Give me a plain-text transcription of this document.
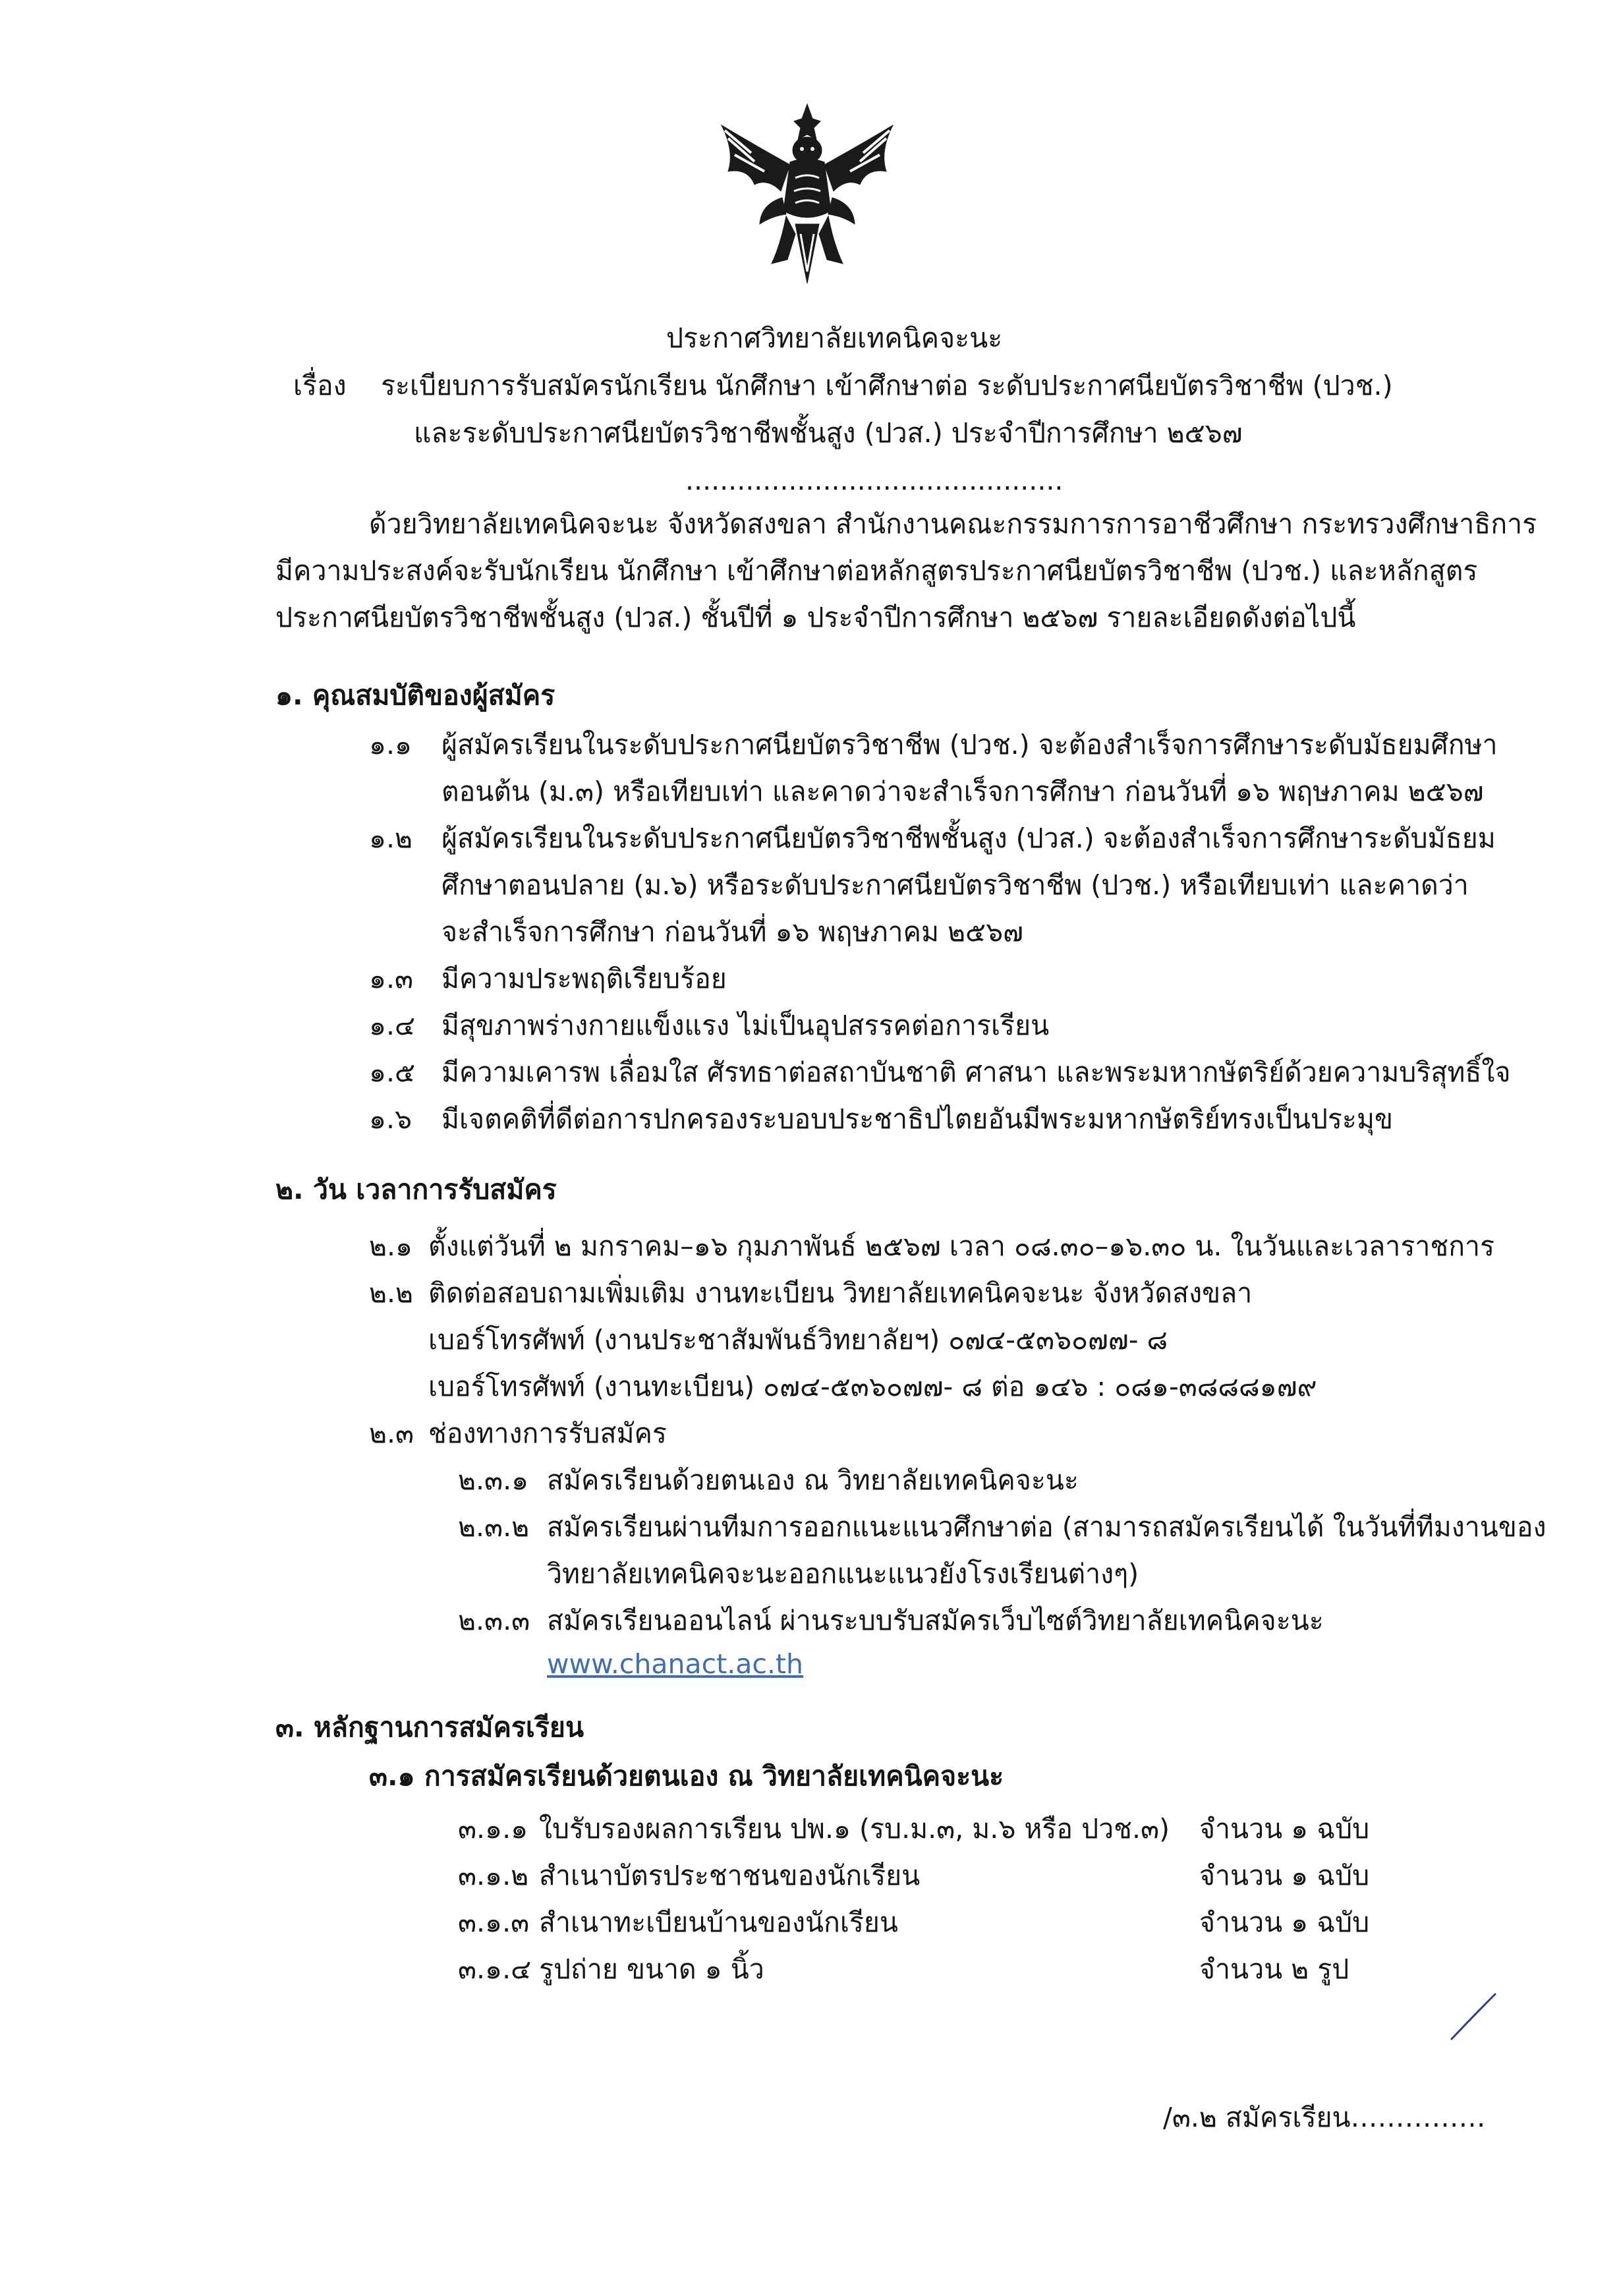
ประกาศวิทยาลัยเทคนิคจะนะ
เรื่อง ระเบียบการรับสมัครนักเรียน นักศึกษา เข้าศึกษาต่อ ระดับประกาศนียบัตรวิชาชีพ (ปวช.)
และระดับประกาศนียบัตรวิชาชีพชั้นสูง (ปวส.) ประจำปีการศึกษา ๒๕๖๗
............................................
ด้วยวิทยาลัยเทคนิคจะนะ จังหวัดสงขลา สำนักงานคณะกรรมการการอาชีวศึกษา กระทรวงศึกษาธิการ
มีความประสงค์จะรับนักเรียน นักศึกษา เข้าศึกษาต่อหลักสูตรประกาศนียบัตรวิชาชีพ (ปวช.) และหลักสูตร
ประกาศนียบัตรวิชาชีพชั้นสูง (ปวส.) ชั้นปีที่ ๑ ประจำปีการศึกษา ๒๕๖๗ รายละเอียดดังต่อไปนี้
๑. คุณสมบัติของผู้สมัคร
๑.๑ ผู้สมัครเรียนในระดับประกาศนียบัตรวิชาชีพ (ปวช.) จะต้องสำเร็จการศึกษาระดับมัธยมศึกษา
ตอนต้น (ม.๓) หรือเทียบเท่า และคาดว่าจะสำเร็จการศึกษา ก่อนวันที่ ๑๖ พฤษภาคม ๒๕๖๗
๑.๒ ผู้สมัครเรียนในระดับประกาศนียบัตรวิชาชีพชั้นสูง (ปวส.) จะต้องสำเร็จการศึกษาระดับมัธยม
ศึกษาตอนปลาย (ม.๖) หรือระดับประกาศนียบัตรวิชาชีพ (ปวช.) หรือเทียบเท่า และคาดว่า
จะสำเร็จการศึกษา ก่อนวันที่ ๑๖ พฤษภาคม ๒๕๖๗
๑.๓ มีความประพฤติเรียบร้อย
๑.๔ มีสุขภาพร่างกายแข็งแรง ไม่เป็นอุปสรรคต่อการเรียน
๑.๕ มีความเคารพ เลื่อมใส ศัรทธาต่อสถาบันชาติ ศาสนา และพระมหากษัตริย์ด้วยความบริสุทธิ์ใจ
๑.๖ มีเจตคติที่ดีต่อการปกครองระบอบประชาธิปไตยอันมีพระมหากษัตริย์ทรงเป็นประมุข
๒. วัน เวลาการรับสมัคร
๒.๑ ตั้งแต่วันที่ ๒ มกราคม–๑๖ กุมภาพันธ์ ๒๕๖๗ เวลา ๐๘.๓๐–๑๖.๓๐ น. ในวันและเวลาราชการ
๒.๒ ติดต่อสอบถามเพิ่มเติม งานทะเบียน วิทยาลัยเทคนิคจะนะ จังหวัดสงขลา
เบอร์โทรศัพท์ (งานประชาสัมพันธ์วิทยาลัยฯ) ๐๗๔-๕๓๖๐๗๗- ๘
เบอร์โทรศัพท์ (งานทะเบียน) ๐๗๔-๕๓๖๐๗๗- ๘ ต่อ ๑๔๖ : ๐๘๑-๓๘๘๘๑๗๙
๒.๓ ช่องทางการรับสมัคร
๒.๓.๑ สมัครเรียนด้วยตนเอง ณ วิทยาลัยเทคนิคจะนะ
๒.๓.๒ สมัครเรียนผ่านทีมการออกแนะแนวศึกษาต่อ (สามารถสมัครเรียนได้ ในวันที่ทีมงานของ
วิทยาลัยเทคนิคจะนะออกแนะแนวยังโรงเรียนต่างๆ)
๒.๓.๓ สมัครเรียนออนไลน์ ผ่านระบบรับสมัครเว็บไซต์วิทยาลัยเทคนิคจะนะ
www.chanact.ac.th
๓. หลักฐานการสมัครเรียน
๓.๑ การสมัครเรียนด้วยตนเอง ณ วิทยาลัยเทคนิคจะนะ
๓.๑.๑ ใบรับรองผลการเรียน ปพ.๑ (รบ.ม.๓, ม.๖ หรือ ปวช.๓) จำนวน ๑ ฉบับ
๓.๑.๒ สำเนาบัตรประชาชนของนักเรียน	จำนวน ๑ ฉบับ
๓.๑.๓ สำเนาทะเบียนบ้านของนักเรียน	จำนวน ๑ ฉบับ
๓.๑.๔ รูปถ่าย ขนาด ๑ นิ้ว	จำนวน ๒ รูป
/๓.๒ สมัครเรียน……………
